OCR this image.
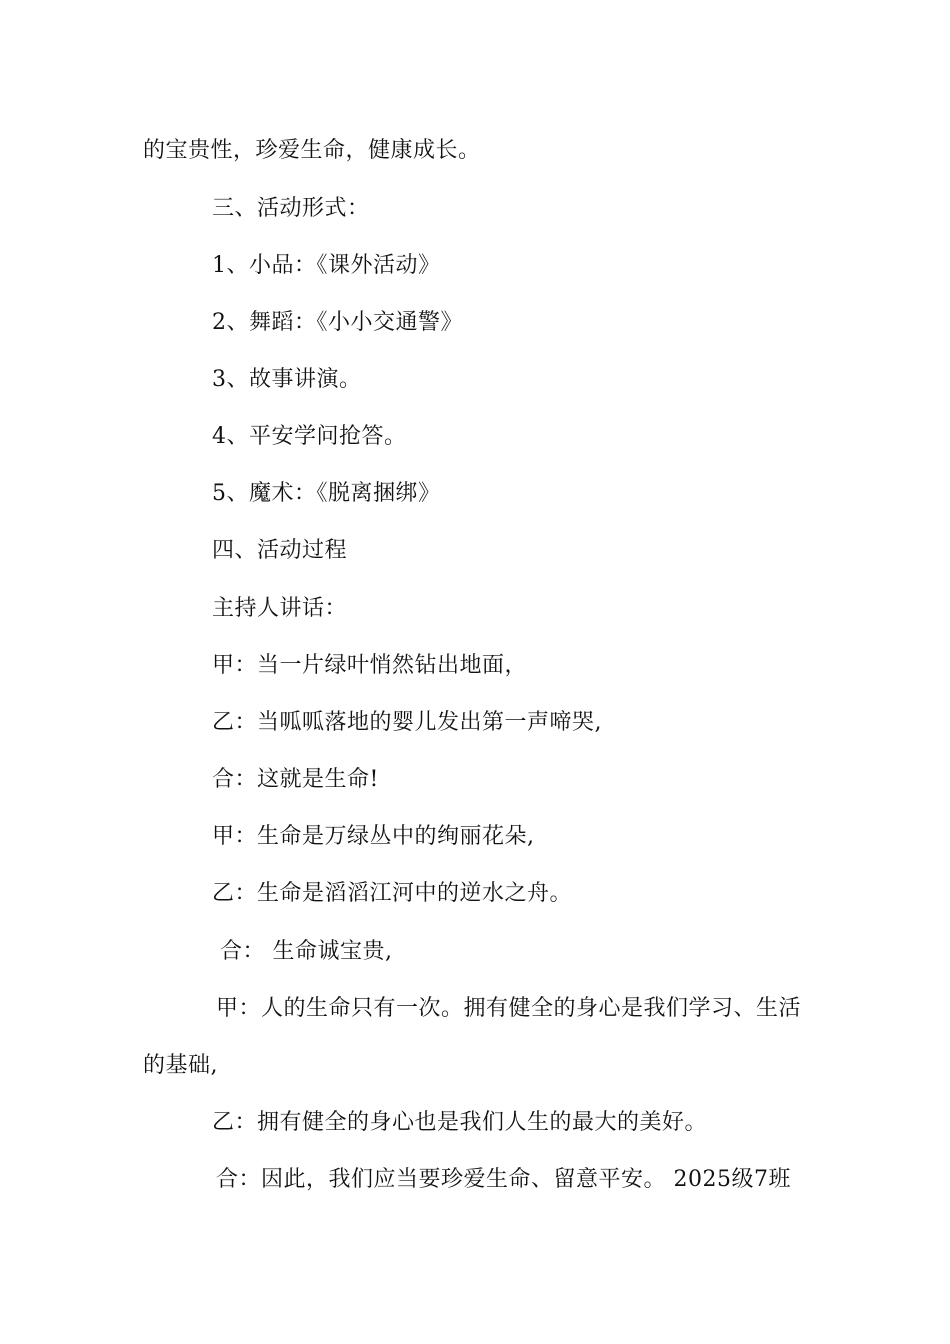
的宝贵性，珍爱生命，健康成长。
三、活动形式：
1、小品：《课外活动》
2、舞蹈：《小小交通警》
3、故事讲演。
4、平安学问抢答。
5、魔术：《脱离捆绑》
四、活动过程
主持人讲话：
甲：当一片绿叶悄然钻出地面，
乙：当呱呱落地的婴儿发出第一声啼哭,
合：这就是生命!
甲：生命是万绿丛中的绚丽花朵,
乙：生命是滔滔江河中的逆水之舟。
合： 生命诚宝贵,
甲：人的生命只有一次。拥有健全的身心是我们学习、生活
的基础,
乙：拥有健全的身心也是我们人生的最大的美好。
合：因此，我们应当要珍爱生命、留意平安。 2025级7班
